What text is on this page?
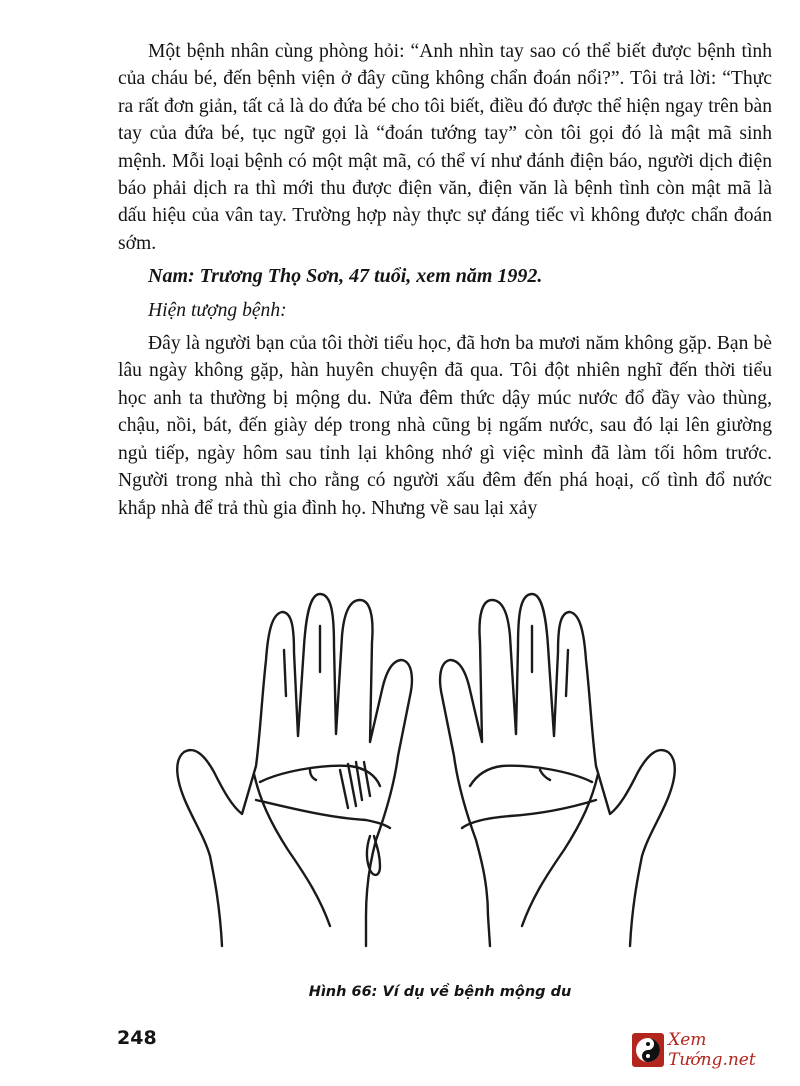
Một bệnh nhân cùng phòng hỏi: “Anh nhìn tay sao có thể biết được bệnh tình của cháu bé, đến bệnh viện ở đây cũng không chẩn đoán nổi?”. Tôi trả lời: “Thực ra rất đơn giản, tất cả là do đứa bé cho tôi biết, điều đó được thể hiện ngay trên bàn tay của đứa bé, tục ngữ gọi là “đoán tướng tay” còn tôi gọi đó là mật mã sinh mệnh. Mỗi loại bệnh có một mật mã, có thể ví như đánh điện báo, người dịch điện báo phải dịch ra thì mới thu được điện văn, điện văn là bệnh tình còn mật mã là dấu hiệu của vân tay. Trường hợp này thực sự đáng tiếc vì không được chẩn đoán sớm.

Nam: Trương Thọ Sơn, 47 tuổi, xem năm 1992.

Hiện tượng bệnh:

Đây là người bạn của tôi thời tiểu học, đã hơn ba mươi năm không gặp. Bạn bè lâu ngày không gặp, hàn huyên chuyện đã qua. Tôi đột nhiên nghĩ đến thời tiểu học anh ta thường bị mộng du. Nửa đêm thức dậy múc nước đổ đầy vào thùng, chậu, nồi, bát, đến giày dép trong nhà cũng bị ngấm nước, sau đó lại lên giường ngủ tiếp, ngày hôm sau tỉnh lại không nhớ gì việc mình đã làm tối hôm trước. Người trong nhà thì cho rằng có người xấu đêm đến phá hoại, cố tình đổ nước khắp nhà để trả thù gia đình họ. Nhưng về sau lại xảy

Hình 66: Ví dụ về bệnh mộng du
248	Xem Tướng.net
